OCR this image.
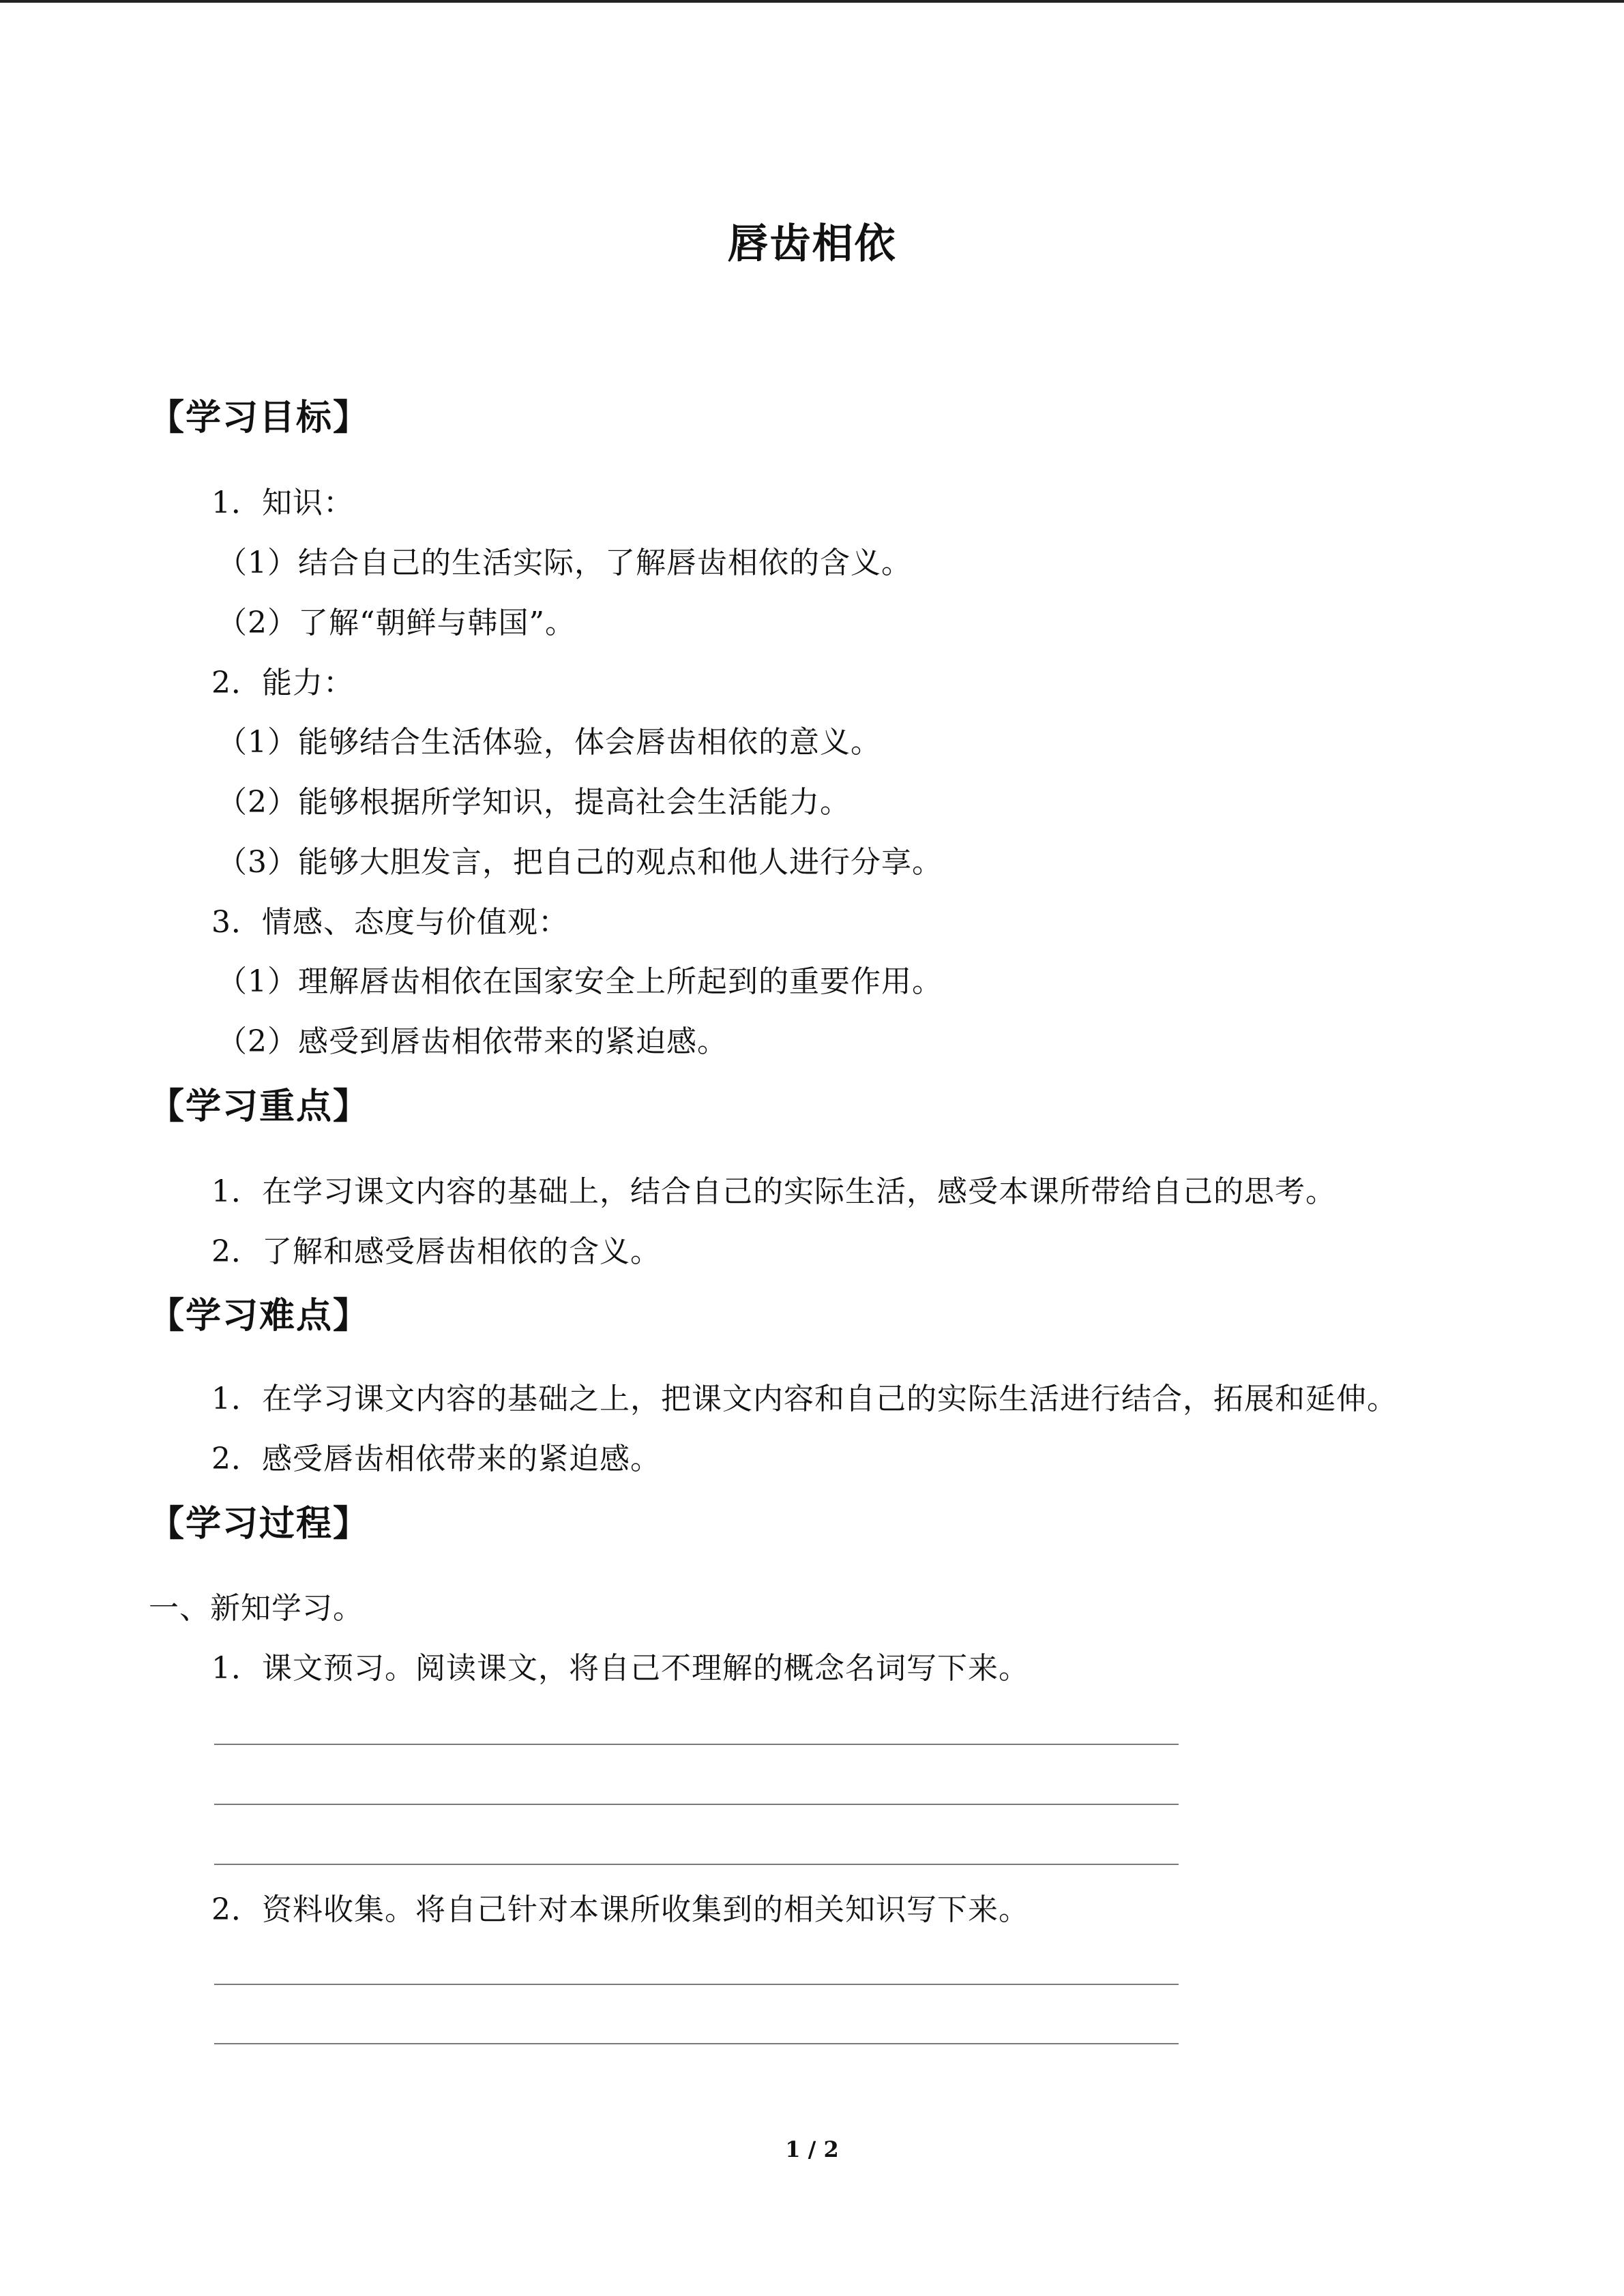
唇齿相依
【学习目标】
1．知识：
（1）结合自己的生活实际，了解唇齿相依的含义。
（2）了解“朝鲜与韩国”。
2．能力：
（1）能够结合生活体验，体会唇齿相依的意义。
（2）能够根据所学知识，提高社会生活能力。
（3）能够大胆发言，把自己的观点和他人进行分享。
3．情感、态度与价值观：
（1）理解唇齿相依在国家安全上所起到的重要作用。
（2）感受到唇齿相依带来的紧迫感。
【学习重点】
1．在学习课文内容的基础上，结合自己的实际生活，感受本课所带给自己的思考。
2．了解和感受唇齿相依的含义。
【学习难点】
1．在学习课文内容的基础之上，把课文内容和自己的实际生活进行结合，拓展和延伸。
2．感受唇齿相依带来的紧迫感。
【学习过程】
一、新知学习。
1．课文预习。阅读课文，将自己不理解的概念名词写下来。
2．资料收集。将自己针对本课所收集到的相关知识写下来。
1 / 2
